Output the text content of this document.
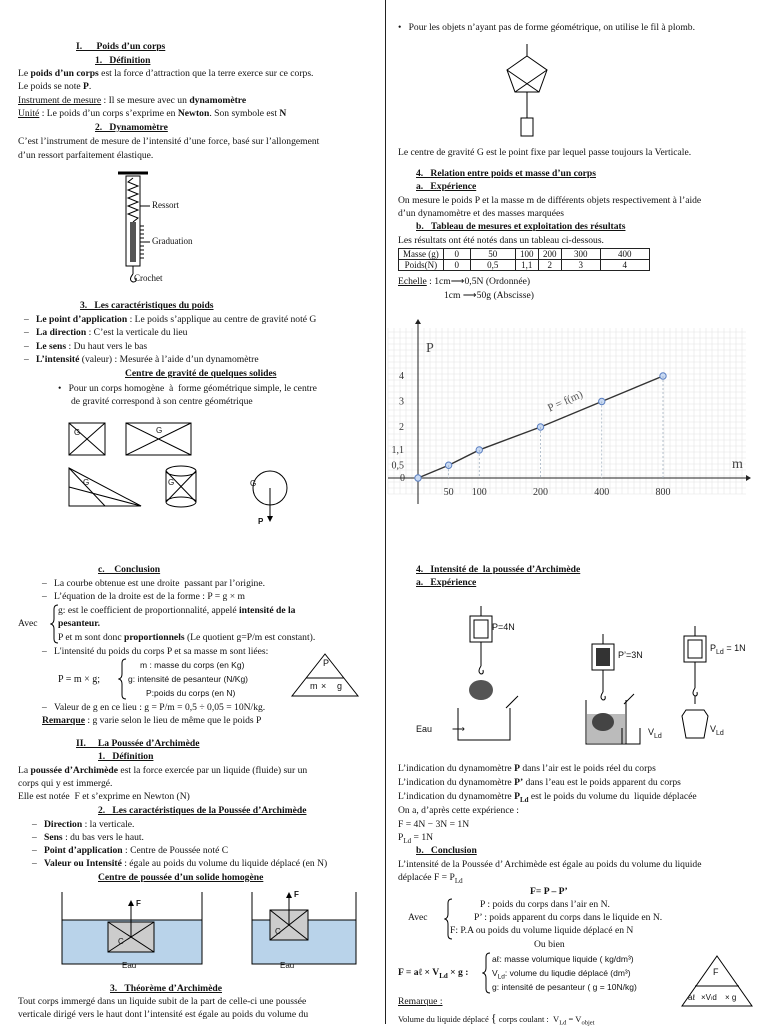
I.      Poids d’un corps
1.   Définition
Le poids d’un corps est la force d’attraction que la terre exerce sur ce corps.
Le poids se note P.
Instrument de mesure : Il se mesure avec un dynamomètre
Unité : Le poids d’un corps s’exprime en Newton. Son symbole est N
2.   Dynamomètre
C’est l’instrument de mesure de l’intensité d’une force, basé sur l’allongement
d’un ressort parfaitement élastique.
Ressort
Graduation
Crochet
3.   Les caractéristiques du poids
–   Le point d’application : Le poids s’applique au centre de gravité noté G
–   La direction : C’est la verticale du lieu
–   Le sens : Du haut vers le bas
–   L’intensité (valeur) : Mesurée à l’aide d’un dynamomètre
Centre de gravité de quelques solides
•   Pour un corps homogène  à  forme géométrique simple, le centre
de gravité correspond à son centre géométrique
G	G
G	G	G
P
c.    Conclusion
–   La courbe obtenue est une droite  passant par l’origine.
–   L’équation de la droite est de la forme : P = g × m
Avec
g: est le coefficient de proportionnalité, appelé intensité de la
pesanteur.
P et m sont donc proportionnels (Le quotient g=P/m est constant).
–   L'intensité du poids du corps P et sa masse m sont liées:
P = m × g;
m : masse du corps (en Kg)
g: intensité de pesanteur (N/Kg)
P:poids du corps (en N)
P
m × g
–   Valeur de g en ce lieu : g = P/m = 0,5 ÷ 0,05 = 10N/kg.
Remarque : g varie selon le lieu de même que le poids P
II.     La Poussée d’Archimède
1.   Définition
La poussée d’Archimède est la force exercée par un liquide (fluide) sur un
corps qui y est immergé.
Elle est notée  F et s’exprime en Newton (N)
2.   Les caractéristiques de la Poussée d’Archimède
–   Direction : la verticale.
–   Sens : du bas vers le haut.
–   Point d’application : Centre de Poussée noté C
–   Valeur ou Intensité : égale au poids du volume du liquide déplacé (en N)
Centre de poussée d’un solide homogène
F
C
Eau
F
C
Eau
3.   Théorème d’Archimède
Tout corps immergé dans un liquide subit de la part de celle-ci une poussée
verticale dirigé vers le haut dont l’intensité est égale au poids du volume du
•   Pour les objets n’ayant pas de forme géométrique, on utilise le fil à plomb.
Le centre de gravité G est le point fixe par lequel passe toujours la Verticale.
4.   Relation entre poids et masse d’un corps
a.   Expérience
On mesure le poids P et la masse m de différents objets respectivement à l’aide
d’un dynamomètre et des masses marquées
b.   Tableau de mesures et exploitation des résultats
Les résultats ont été notés dans un tableau ci-dessous.
Masse (g)	0	50	100	200	300	400
Poids(N)	0	0,5	1,1	2	3	4
Echelle : 1cm⟶0,5N (Ordonnée)
1cm ⟶50g (Abscisse)
P = f(m)
m
P
50 100	200	400	800
0,5
1,1
2
3
4
0
4.   Intensité de  la poussée d’Archimède
a.   Expérience
P=4N
P’=3N
$P_{Ld} = 1N$
Eau        ⟶	$V_{Ld}$
$V_{Ld}$
L’indication du dynamomètre P dans l’air est le poids réel du corps
L’indication du dynamomètre P’ dans l’eau est le poids apparent du corps
L’indication du dynamomètre $P_{Ld}$ est le poids du volume du  liquide déplacée
On a, d’après cette expérience :
F = 4N − 3N = 1N
$P_{Ld} = 1N$
b.   Conclusion
L’intensité de la Poussée d’ Archimède est égale au poids du volume du liquide
déplacée $F = P_{Ld}$
F= P – P’
Avec
P : poids du corps dans l’air en N.
P’ : poids apparent du corps dans le liquide en N.
F: P.A ou poids du volume liquide déplacé en N
Ou bien
F = aℓ × $V_{Ld} \times g$ :
aℓ: masse volumique liquide ( kg/dm³)
$V_{Ld}$: volume du liqudie déplacé (dm³)
g: intensité de pesanteur ( g = 10N/kg)
F
aℓ ×Vₗd × g
Remarque :
Volume du liquide déplacé { corps coulant :  $V_{Ld} = V_{objet}$
